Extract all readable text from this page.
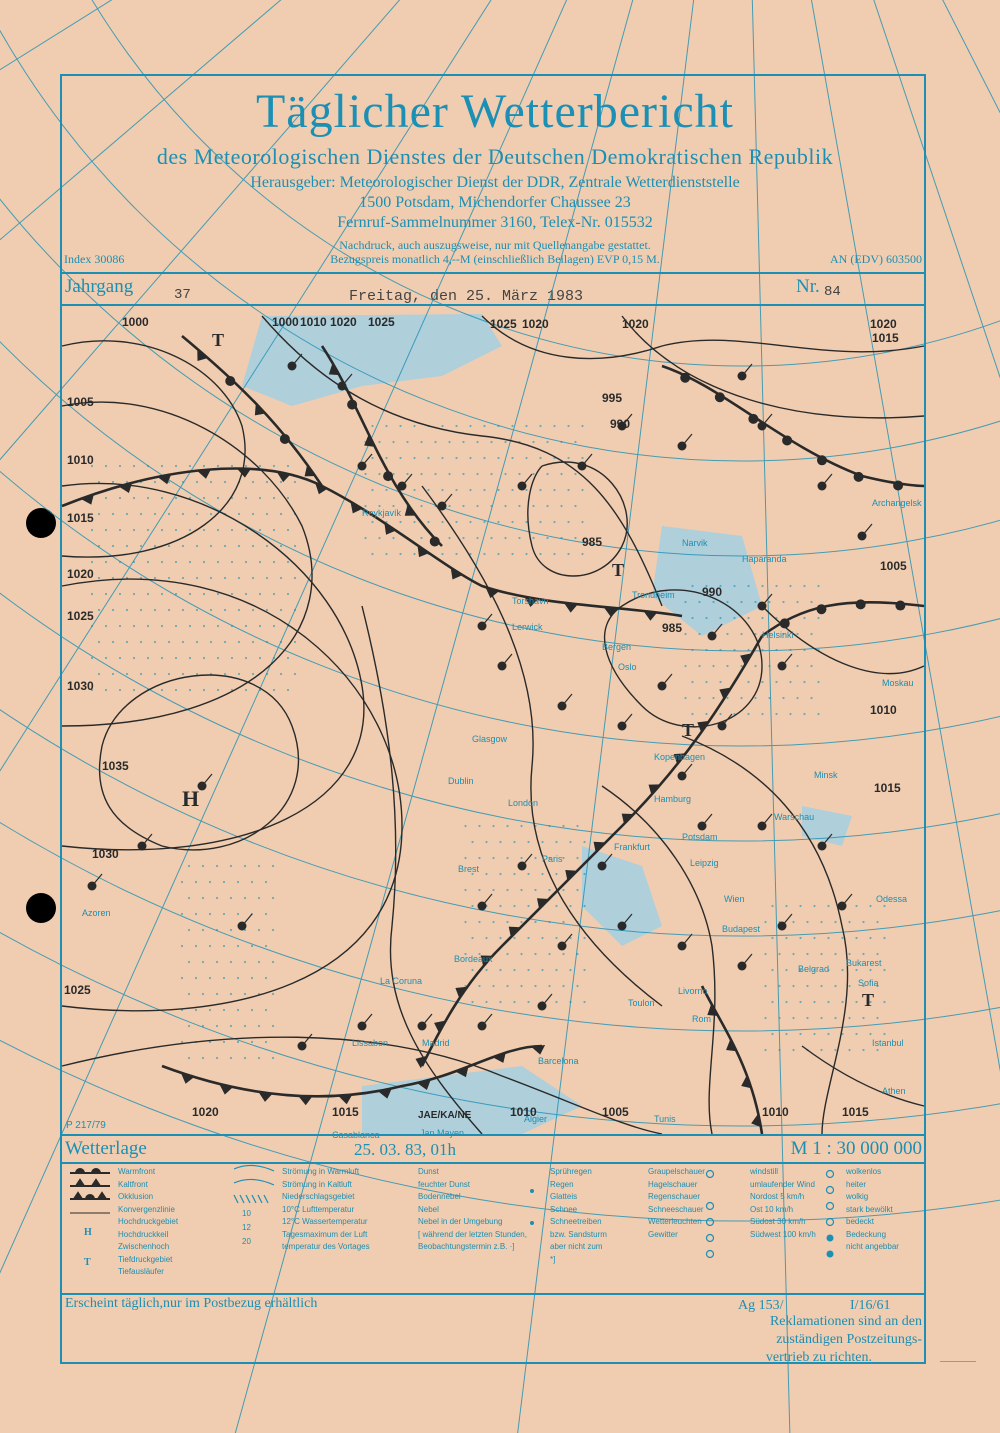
Täglicher Wetterbericht
des Meteorologischen Dienstes der Deutschen Demokratischen Republik
Herausgeber: Meteorologischer Dienst der DDR, Zentrale Wetterdienststelle
1500 Potsdam, Michendorfer Chaussee 23
Fernruf-Sammelnummer 3160, Telex-Nr. 015532
Nachdruck, auch auszugsweise, nur mit Quellenangabe gestattet.
Bezugspreis monatlich 4,--M (einschließlich Beilagen) EVP 0,15 M.
Index 30086	AN (EDV) 603500
Jahrgang	37	Freitag, den 25. März 1983	Nr. 84
1000	1000 1010 1020 1025	1025 1020	1020	1020
1015
1005
1010
1015
1020
1025
1030
1035
1030
1025
1020	1015	1010	1005	1010	1015
1010
1015
1005
990
985
985
995
990
Reykjavík
Torshavn
Lerwick
Bergen
Oslo
Trondheim
Narvik
Haparanda
Helsinki
Moskau
Archangelsk
Glasgow
Dublin
London
Brest
Paris
Kopenhagen
Hamburg
Potsdam
Leipzig
Frankfurt
Wien
Budapest
Warschau
Minsk
Odessa
Bukarest
Belgrad
Sofia
Istanbul
Athen
Rom
Livorno
Toulon
Bordeaux
La Coruna
Madrid
Lissabon
Barcelona
Algier	Tunis
Casablanca
Azoren
Jan Mayen
H
T
T
T
T
P 217/79
JAE/KA/NE
Wetterlage	25. 03. 83, 01h	M 1 : 30 000 000
H
T
Warmfront
Kaltfront
Okklusion
Konvergenzlinie
Hochdruckgebiet
Hochdruckkeil
Zwischenhoch
Tiefdruckgebiet
Tiefausläufer
Strömung in Warmluft
Strömung in Kaltluft
Niederschlagsgebiet
10°C Lufttemperatur
12°C Wassertemperatur
Tagesmaximum der Luft
temperatur des Vortages
Dunst
feuchter Dunst
Bodennebel
Nebel
Nebel in der Umgebung
[ während der letzten Stunden,
Beobachtungstermin z.B. ·]
Sprühregen
Regen
Glatteis
Schnee
Schneetreiben
bzw. Sandsturm
aber nicht zum
*]
Graupelschauer
Hagelschauer
Regenschauer
Schneeschauer
Wetterleuchten
Gewitter
windstill
umlaufender Wind
Nordost 5 km/h
Ost 10 km/h
Südost 30 km/h
Südwest 100 km/h
wolkenlos
heiter
wolkig
stark bewölkt
bedeckt
Bedeckung
nicht angebbar
10
12
20
Erscheint täglich,nur im Postbezug erhältlich	Ag 153/	I/16/61
Reklamationen sind an den
zuständigen Postzeitungs-
vertrieb zu richten.
